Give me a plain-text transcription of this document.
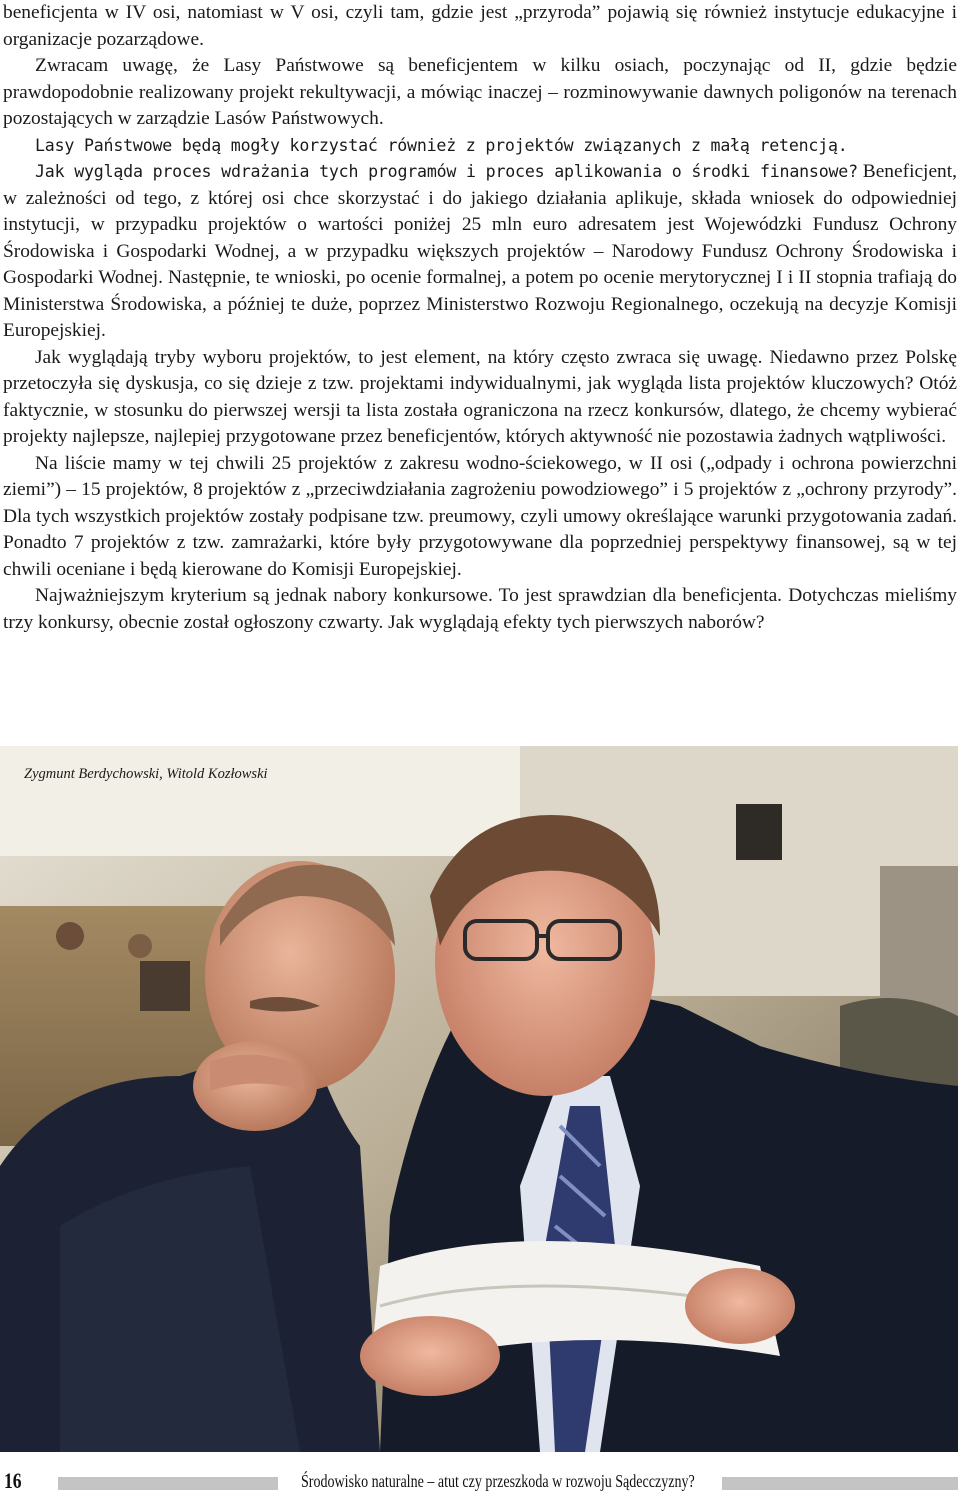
beneficjenta w IV osi, natomiast w V osi, czyli tam, gdzie jest „przyroda” pojawią się również instytucje edukacyjne i organizacje pozarządowe.

Zwracam uwagę, że Lasy Państwowe są beneficjentem w kilku osiach, poczynając od II, gdzie będzie prawdopodobnie realizowany projekt rekultywacji, a mówiąc inaczej – rozminowywanie dawnych poligonów na terenach pozostających w zarządzie Lasów Państwowych.

Lasy Państwowe będą mogły korzystać również z projektów związanych z małą retencją.

Jak wygląda proces wdrażania tych programów i proces aplikowania o środki finansowe? Beneficjent, w zależności od tego, z której osi chce skorzystać i do jakiego działania aplikuje, składa wniosek do odpowiedniej instytucji, w przypadku projektów o wartości poniżej 25 mln euro adresatem jest Wojewódzki Fundusz Ochrony Środowiska i Gospodarki Wodnej, a w przypadku większych projektów – Narodowy Fundusz Ochrony Środowiska i Gospodarki Wodnej. Następnie, te wnioski, po ocenie formalnej, a potem po ocenie merytorycznej I i II stopnia trafiają do Ministerstwa Środowiska, a później te duże, poprzez Ministerstwo Rozwoju Regionalnego, oczekują na decyzje Komisji Europejskiej.

Jak wyglądają tryby wyboru projektów, to jest element, na który często zwraca się uwagę. Niedawno przez Polskę przetoczyła się dyskusja, co się dzieje z tzw. projektami indywidualnymi, jak wygląda lista projektów kluczowych? Otóż faktycznie, w stosunku do pierwszej wersji ta lista została ograniczona na rzecz konkursów, dlatego, że chcemy wybierać projekty najlepsze, najlepiej przygotowane przez beneficjentów, których aktywność nie pozostawia żadnych wątpliwości.

Na liście mamy w tej chwili 25 projektów z zakresu wodno-ściekowego, w II osi („odpady i ochrona powierzchni ziemi”) – 15 projektów, 8 projektów z „przeciwdziałania zagrożeniu powodziowego” i 5 projektów z „ochrony przyrody”. Dla tych wszystkich projektów zostały podpisane tzw. preumowy, czyli umowy określające warunki przygotowania zadań. Ponadto 7 projektów z tzw. zamrażarki, które były przygotowywane dla poprzedniej perspektywy finansowej, są w tej chwili oceniane i będą kierowane do Komisji Europejskiej.

Najważniejszym kryterium są jednak nabory konkursowe. To jest sprawdzian dla beneficjenta. Dotychczas mieliśmy trzy konkursy, obecnie został ogłoszony czwarty. Jak wyglądają efekty tych pierwszych naborów?

Zygmunt Berdychowski, Witold Kozłowski
16	Środowisko naturalne – atut czy przeszkoda w rozwoju Sądecczyzny?
